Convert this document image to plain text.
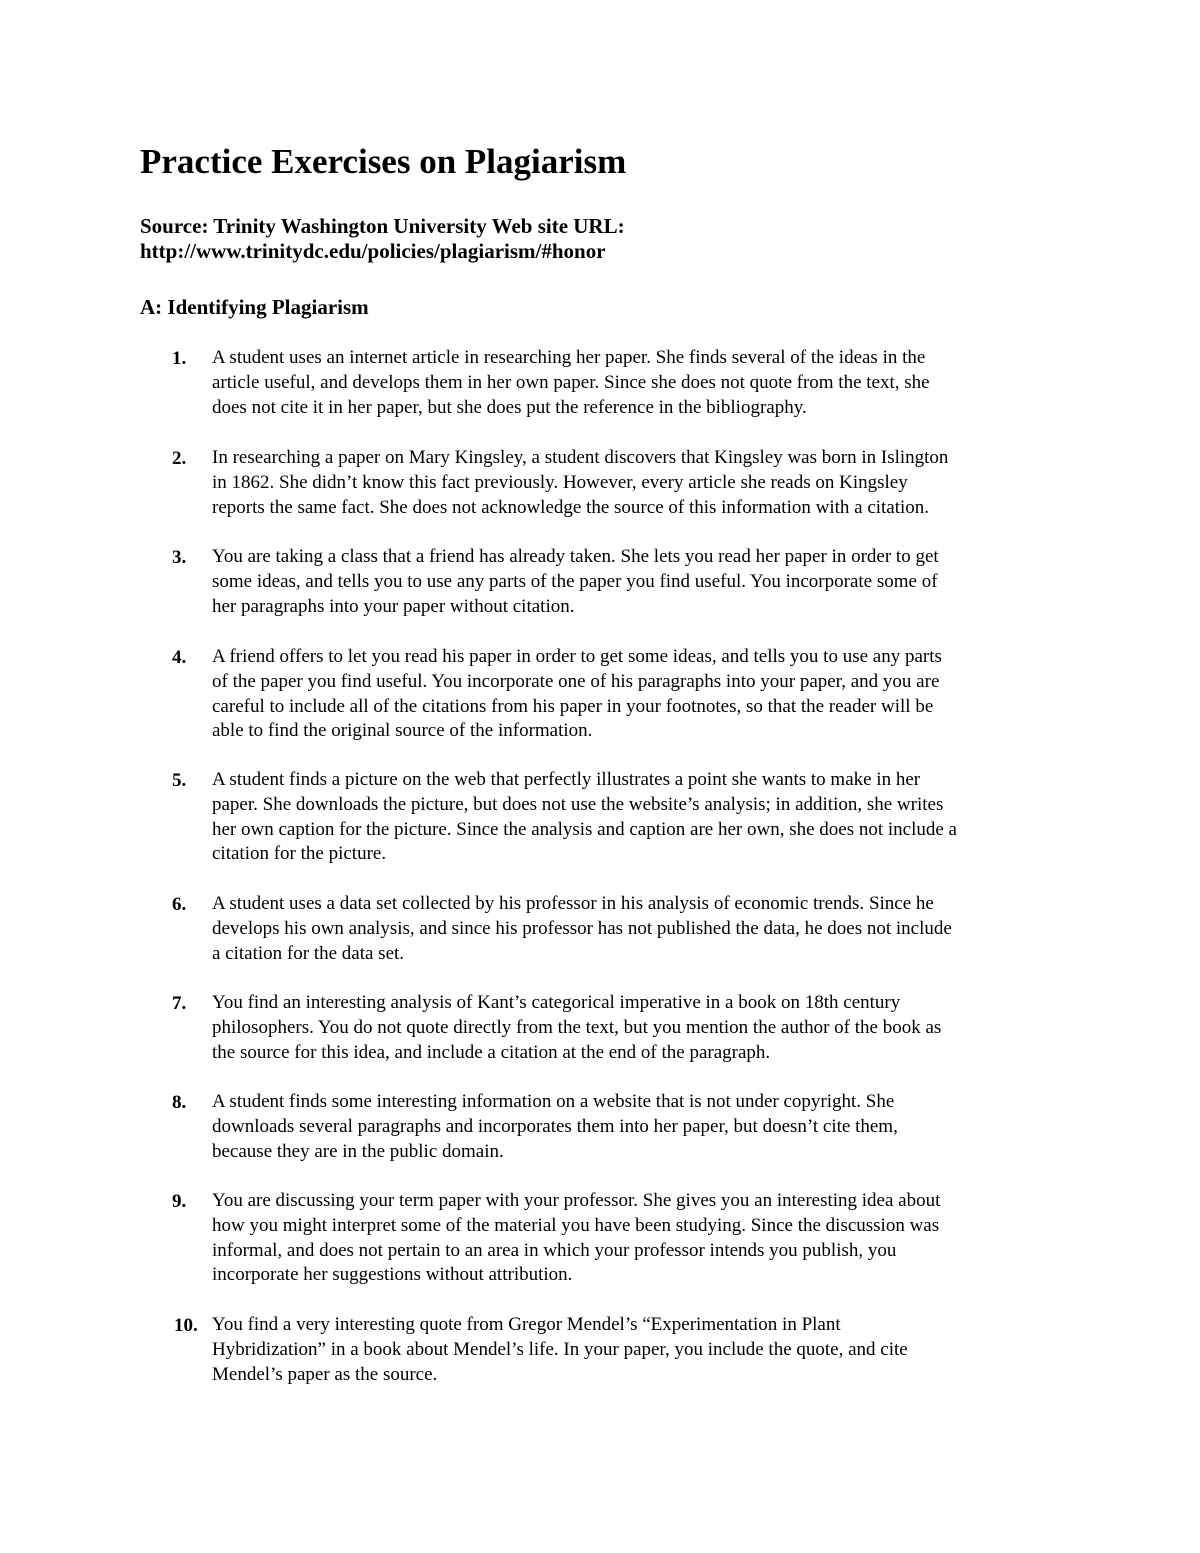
Practice Exercises on Plagiarism
Source: Trinity Washington University Web site URL:
http://www.trinitydc.edu/policies/plagiarism/#honor
A: Identifying Plagiarism
1.	A student uses an internet article in researching her paper. She finds several of the ideas in the
article useful, and develops them in her own paper. Since she does not quote from the text, she
does not cite it in her paper, but she does put the reference in the bibliography.
2.	In researching a paper on Mary Kingsley, a student discovers that Kingsley was born in Islington
in 1862. She didn’t know this fact previously. However, every article she reads on Kingsley
reports the same fact. She does not acknowledge the source of this information with a citation.
3.	You are taking a class that a friend has already taken. She lets you read her paper in order to get
some ideas, and tells you to use any parts of the paper you find useful. You incorporate some of
her paragraphs into your paper without citation.
4.	A friend offers to let you read his paper in order to get some ideas, and tells you to use any parts
of the paper you find useful. You incorporate one of his paragraphs into your paper, and you are
careful to include all of the citations from his paper in your footnotes, so that the reader will be
able to find the original source of the information.
5.	A student finds a picture on the web that perfectly illustrates a point she wants to make in her
paper. She downloads the picture, but does not use the website’s analysis; in addition, she writes
her own caption for the picture. Since the analysis and caption are her own, she does not include a
citation for the picture.
6.	A student uses a data set collected by his professor in his analysis of economic trends. Since he
develops his own analysis, and since his professor has not published the data, he does not include
a citation for the data set.
7.	You find an interesting analysis of Kant’s categorical imperative in a book on 18th century
philosophers. You do not quote directly from the text, but you mention the author of the book as
the source for this idea, and include a citation at the end of the paragraph.
8.	A student finds some interesting information on a website that is not under copyright. She
downloads several paragraphs and incorporates them into her paper, but doesn’t cite them,
because they are in the public domain.
9.	You are discussing your term paper with your professor. She gives you an interesting idea about
how you might interpret some of the material you have been studying. Since the discussion was
informal, and does not pertain to an area in which your professor intends you publish, you
incorporate her suggestions without attribution.
10. You find a very interesting quote from Gregor Mendel’s “Experimentation in Plant
Hybridization” in a book about Mendel’s life. In your paper, you include the quote, and cite
Mendel’s paper as the source.
